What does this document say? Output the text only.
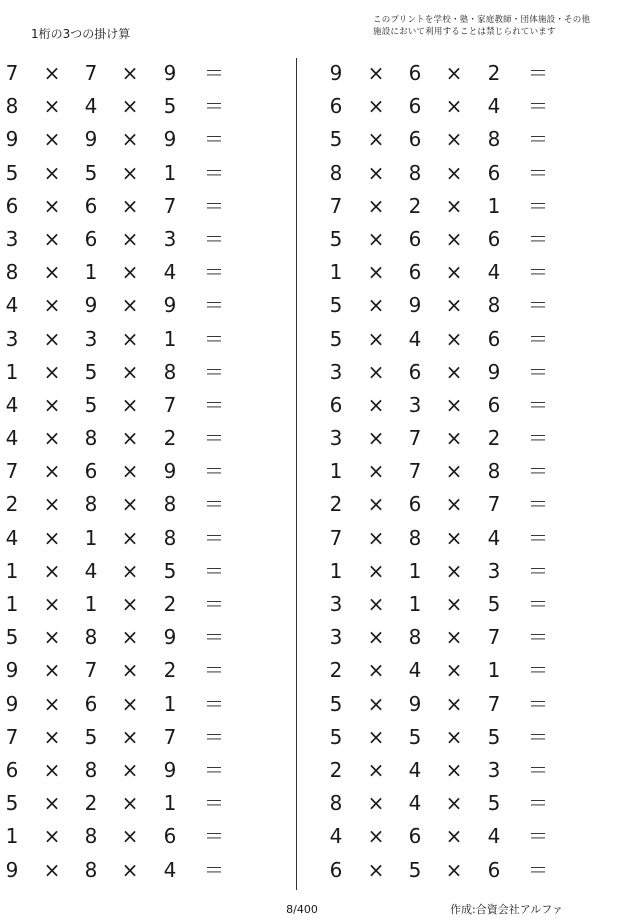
1桁の3つの掛け算
このプリントを学校・塾・家庭教師・団体施設・その他
施設において利用することは禁じられています
7 × 7 × 9 ＝
8 × 4 × 5 ＝
9 × 9 × 9 ＝
5 × 5 × 1 ＝
6 × 6 × 7 ＝
3 × 6 × 3 ＝
8 × 1 × 4 ＝
4 × 9 × 9 ＝
3 × 3 × 1 ＝
1 × 5 × 8 ＝
4 × 5 × 7 ＝
4 × 8 × 2 ＝
7 × 6 × 9 ＝
2 × 8 × 8 ＝
4 × 1 × 8 ＝
1 × 4 × 5 ＝
1 × 1 × 2 ＝
5 × 8 × 9 ＝
9 × 7 × 2 ＝
9 × 6 × 1 ＝
7 × 5 × 7 ＝
6 × 8 × 9 ＝
5 × 2 × 1 ＝
1 × 8 × 6 ＝
9 × 8 × 4 ＝
9 × 6 × 2 ＝
6 × 6 × 4 ＝
5 × 6 × 8 ＝
8 × 8 × 6 ＝
7 × 2 × 1 ＝
5 × 6 × 6 ＝
1 × 6 × 4 ＝
5 × 9 × 8 ＝
5 × 4 × 6 ＝
3 × 6 × 9 ＝
6 × 3 × 6 ＝
3 × 7 × 2 ＝
1 × 7 × 8 ＝
2 × 6 × 7 ＝
7 × 8 × 4 ＝
1 × 1 × 3 ＝
3 × 1 × 5 ＝
3 × 8 × 7 ＝
2 × 4 × 1 ＝
5 × 9 × 7 ＝
5 × 5 × 5 ＝
2 × 4 × 3 ＝
8 × 4 × 5 ＝
4 × 6 × 4 ＝
6 × 5 × 6 ＝
8/400	作成:合資会社アルファ
